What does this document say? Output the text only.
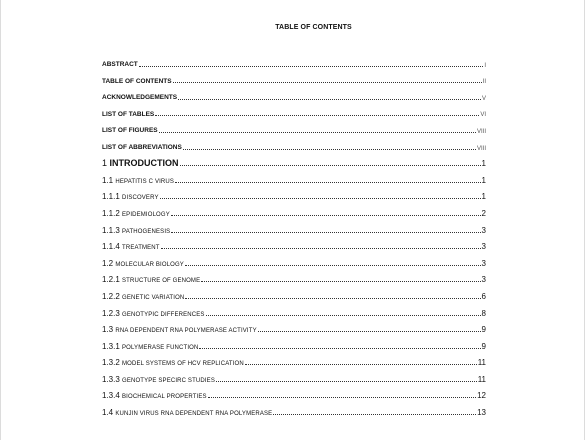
TABLE OF CONTENTS
ABSTRACT	I
TABLE OF CONTENTS	II
ACKNOWLEDGEMENTS	V
LIST OF TABLES	VI
LIST OF FIGURES	VIII
LIST OF ABBREVIATIONS	VIII
1 INTRODUCTION	1
1.1 HEPATITIS C VIRUS	1
1.1.1 DISCOVERY	1
1.1.2 EPIDEMIOLOGY	2
1.1.3 PATHOGENESIS	3
1.1.4 TREATMENT	3
1.2 MOLECULAR BIOLOGY	3
1.2.1 STRUCTURE OF GENOME	3
1.2.2 GENETIC VARIATION	6
1.2.3 GENOTYPIC DIFFERENCES	8
1.3 RNA DEPENDENT RNA POLYMERASE ACTIVITY	9
1.3.1 POLYMERASE FUNCTION	9
1.3.2 MODEL SYSTEMS OF HCV REPLICATION	11
1.3.3 GENOTYPE SPECIRC STUDIES	11
1.3.4 BIOCHEMICAL PROPERTIES	12
1.4 KUNJIN VIRUS RNA DEPENDENT RNA POLYMERASE	13
